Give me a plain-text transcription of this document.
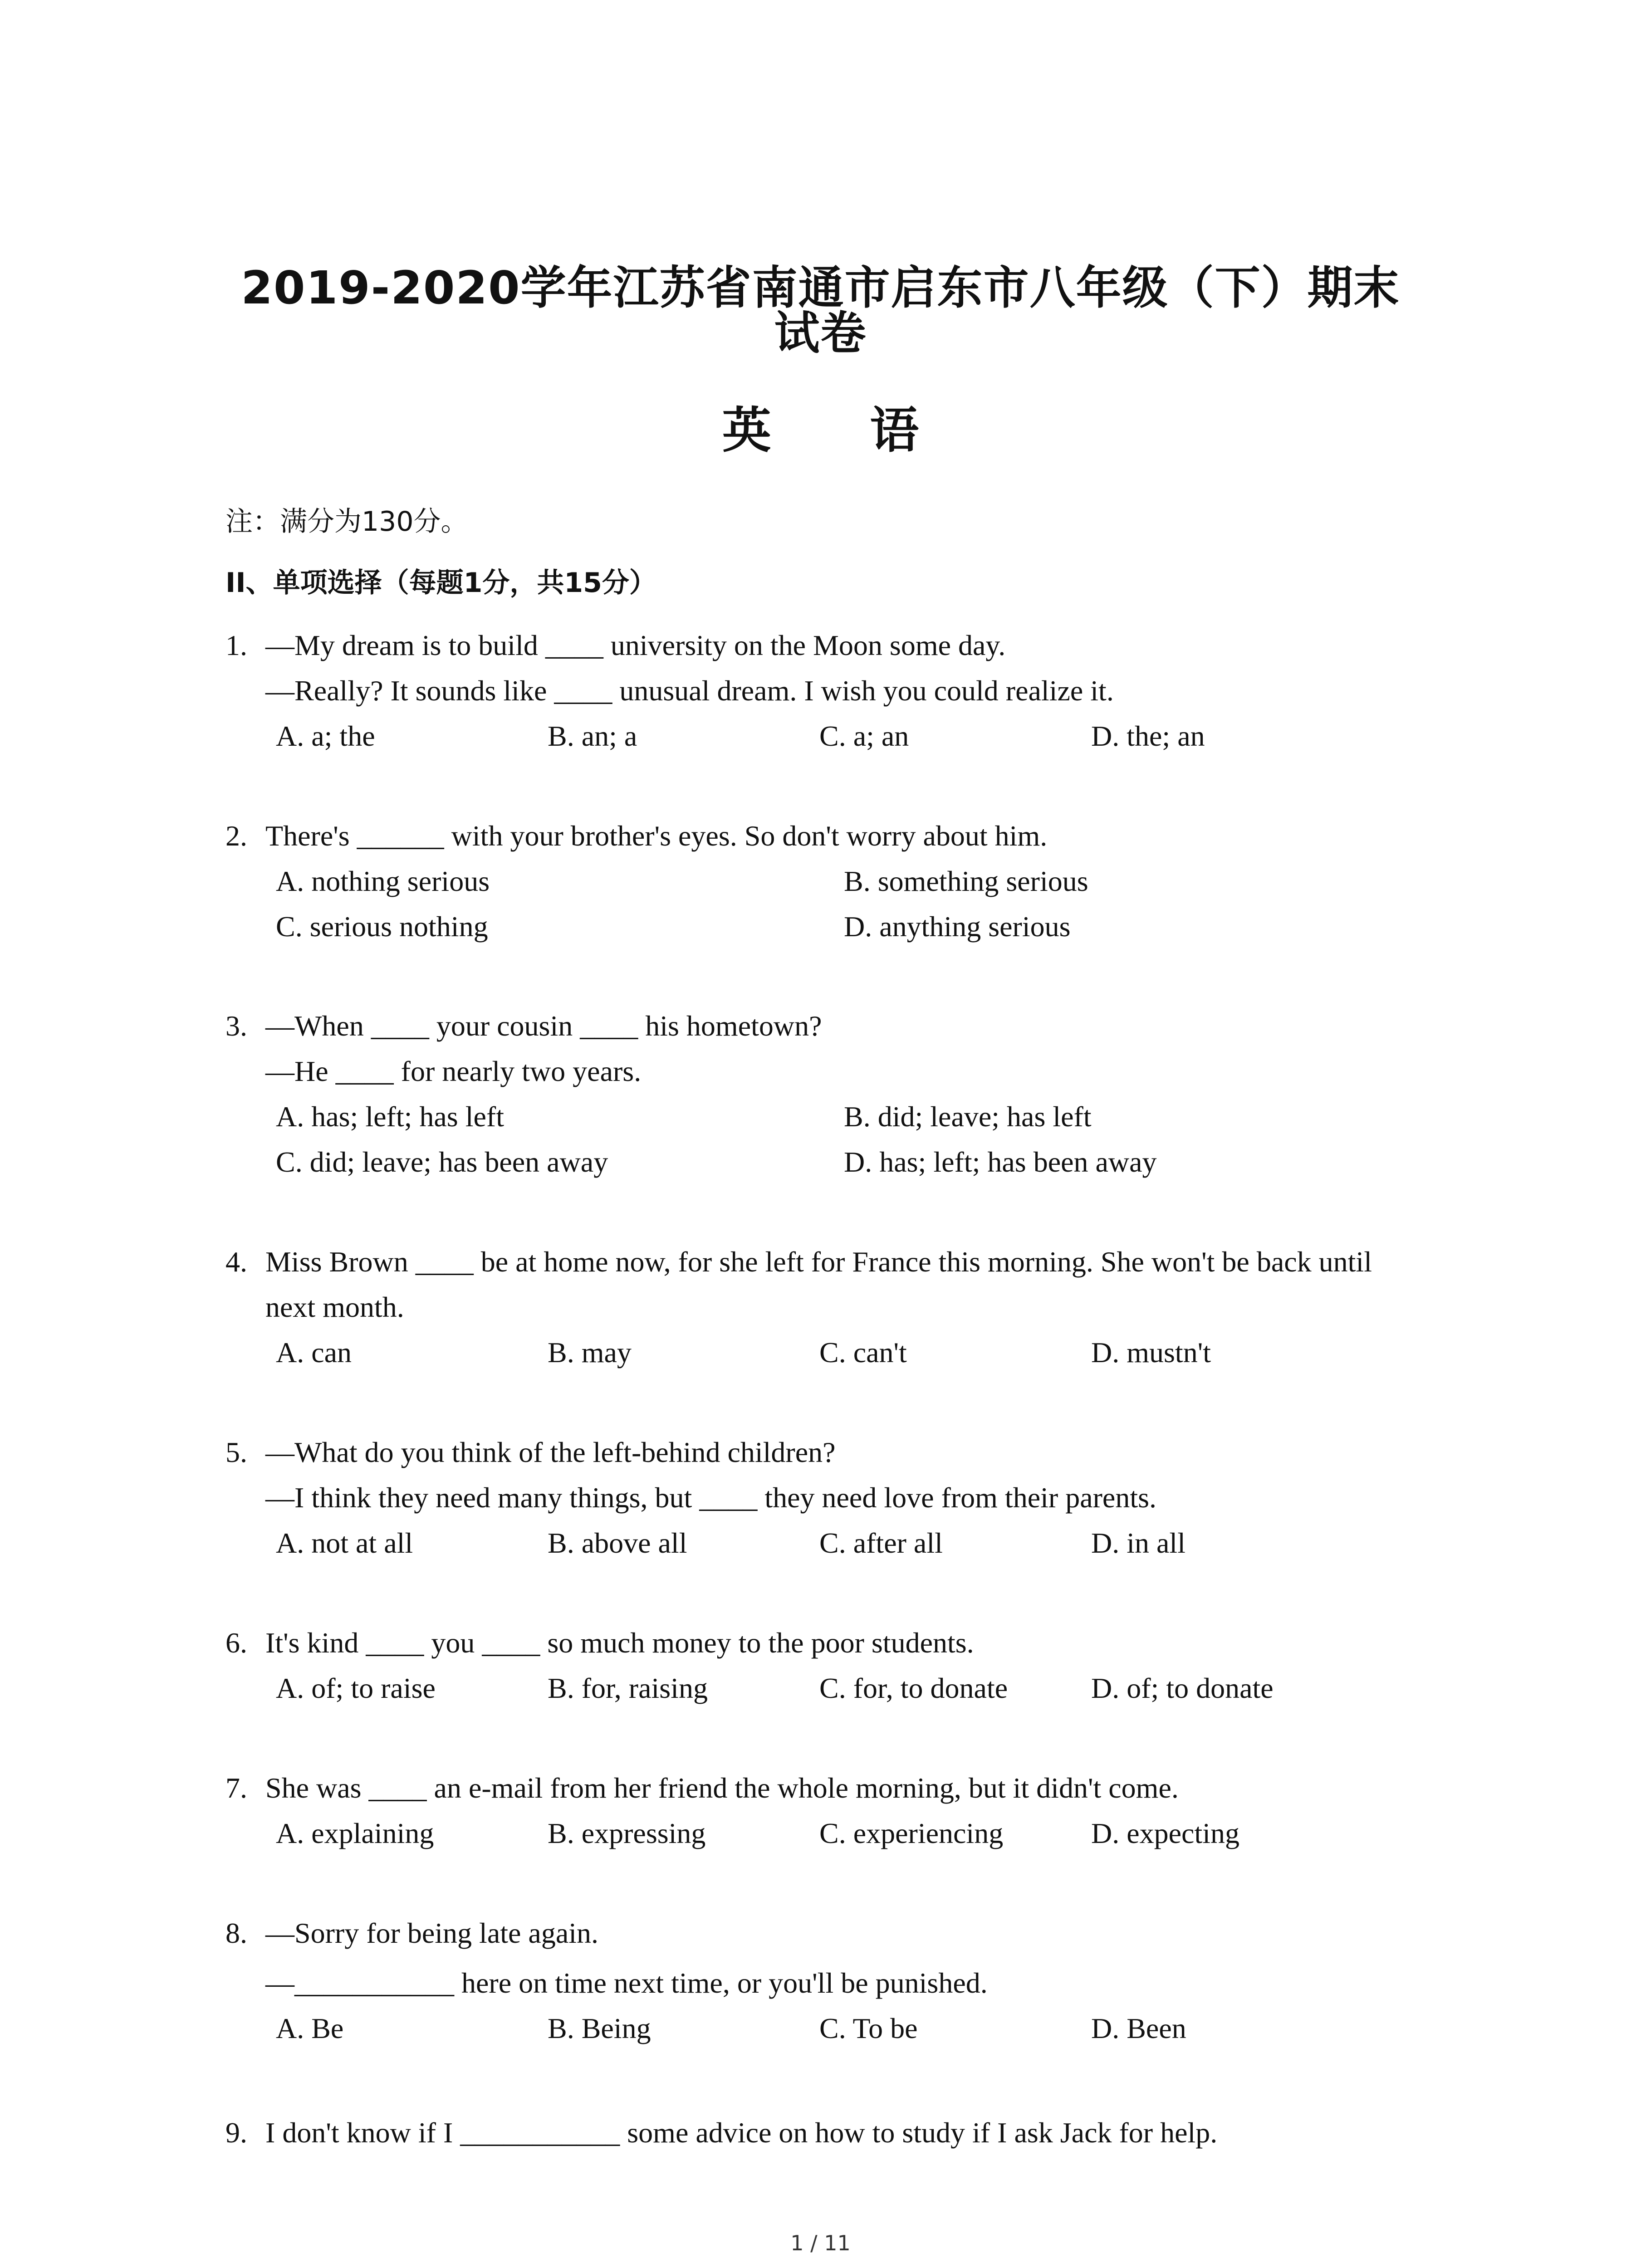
2019-2020学年江苏省南通市启东市八年级（下）期末
试卷
英 语
注：满分为130分。
II、单项选择（每题1分，共15分）
1. —My dream is to build ____ university on the Moon some day.
—Really? It sounds like ____ unusual dream. I wish you could realize it.
A. a; the	B. an; a	C. a; an	D. the; an
2. There's ______ with your brother's eyes. So don't worry about him.
A. nothing serious	B. something serious
C. serious nothing	D. anything serious
3. —When ____ your cousin ____ his hometown?
—He ____ for nearly two years.
A. has; left; has left	B. did; leave; has left
C. did; leave; has been away	D. has; left; has been away
4. Miss Brown ____ be at home now, for she left for France this morning. She won't be back until
next month.
A. can	B. may	C. can't	D. mustn't
5. —What do you think of the left-behind children?
—I think they need many things, but ____ they need love from their parents.
A. not at all	B. above all	C. after all	D. in all
6. It's kind ____ you ____ so much money to the poor students.
A. of; to raise	B. for, raising	C. for, to donate	D. of; to donate
7. She was ____ an e-mail from her friend the whole morning, but it didn't come.
A. explaining	B. expressing	C. experiencing	D. expecting
8. —Sorry for being late again.
—___________ here on time next time, or you'll be punished.
A. Be	B. Being	C. To be	D. Been
9. I don't know if I ___________ some advice on how to study if I ask Jack for help.
1 / 11
